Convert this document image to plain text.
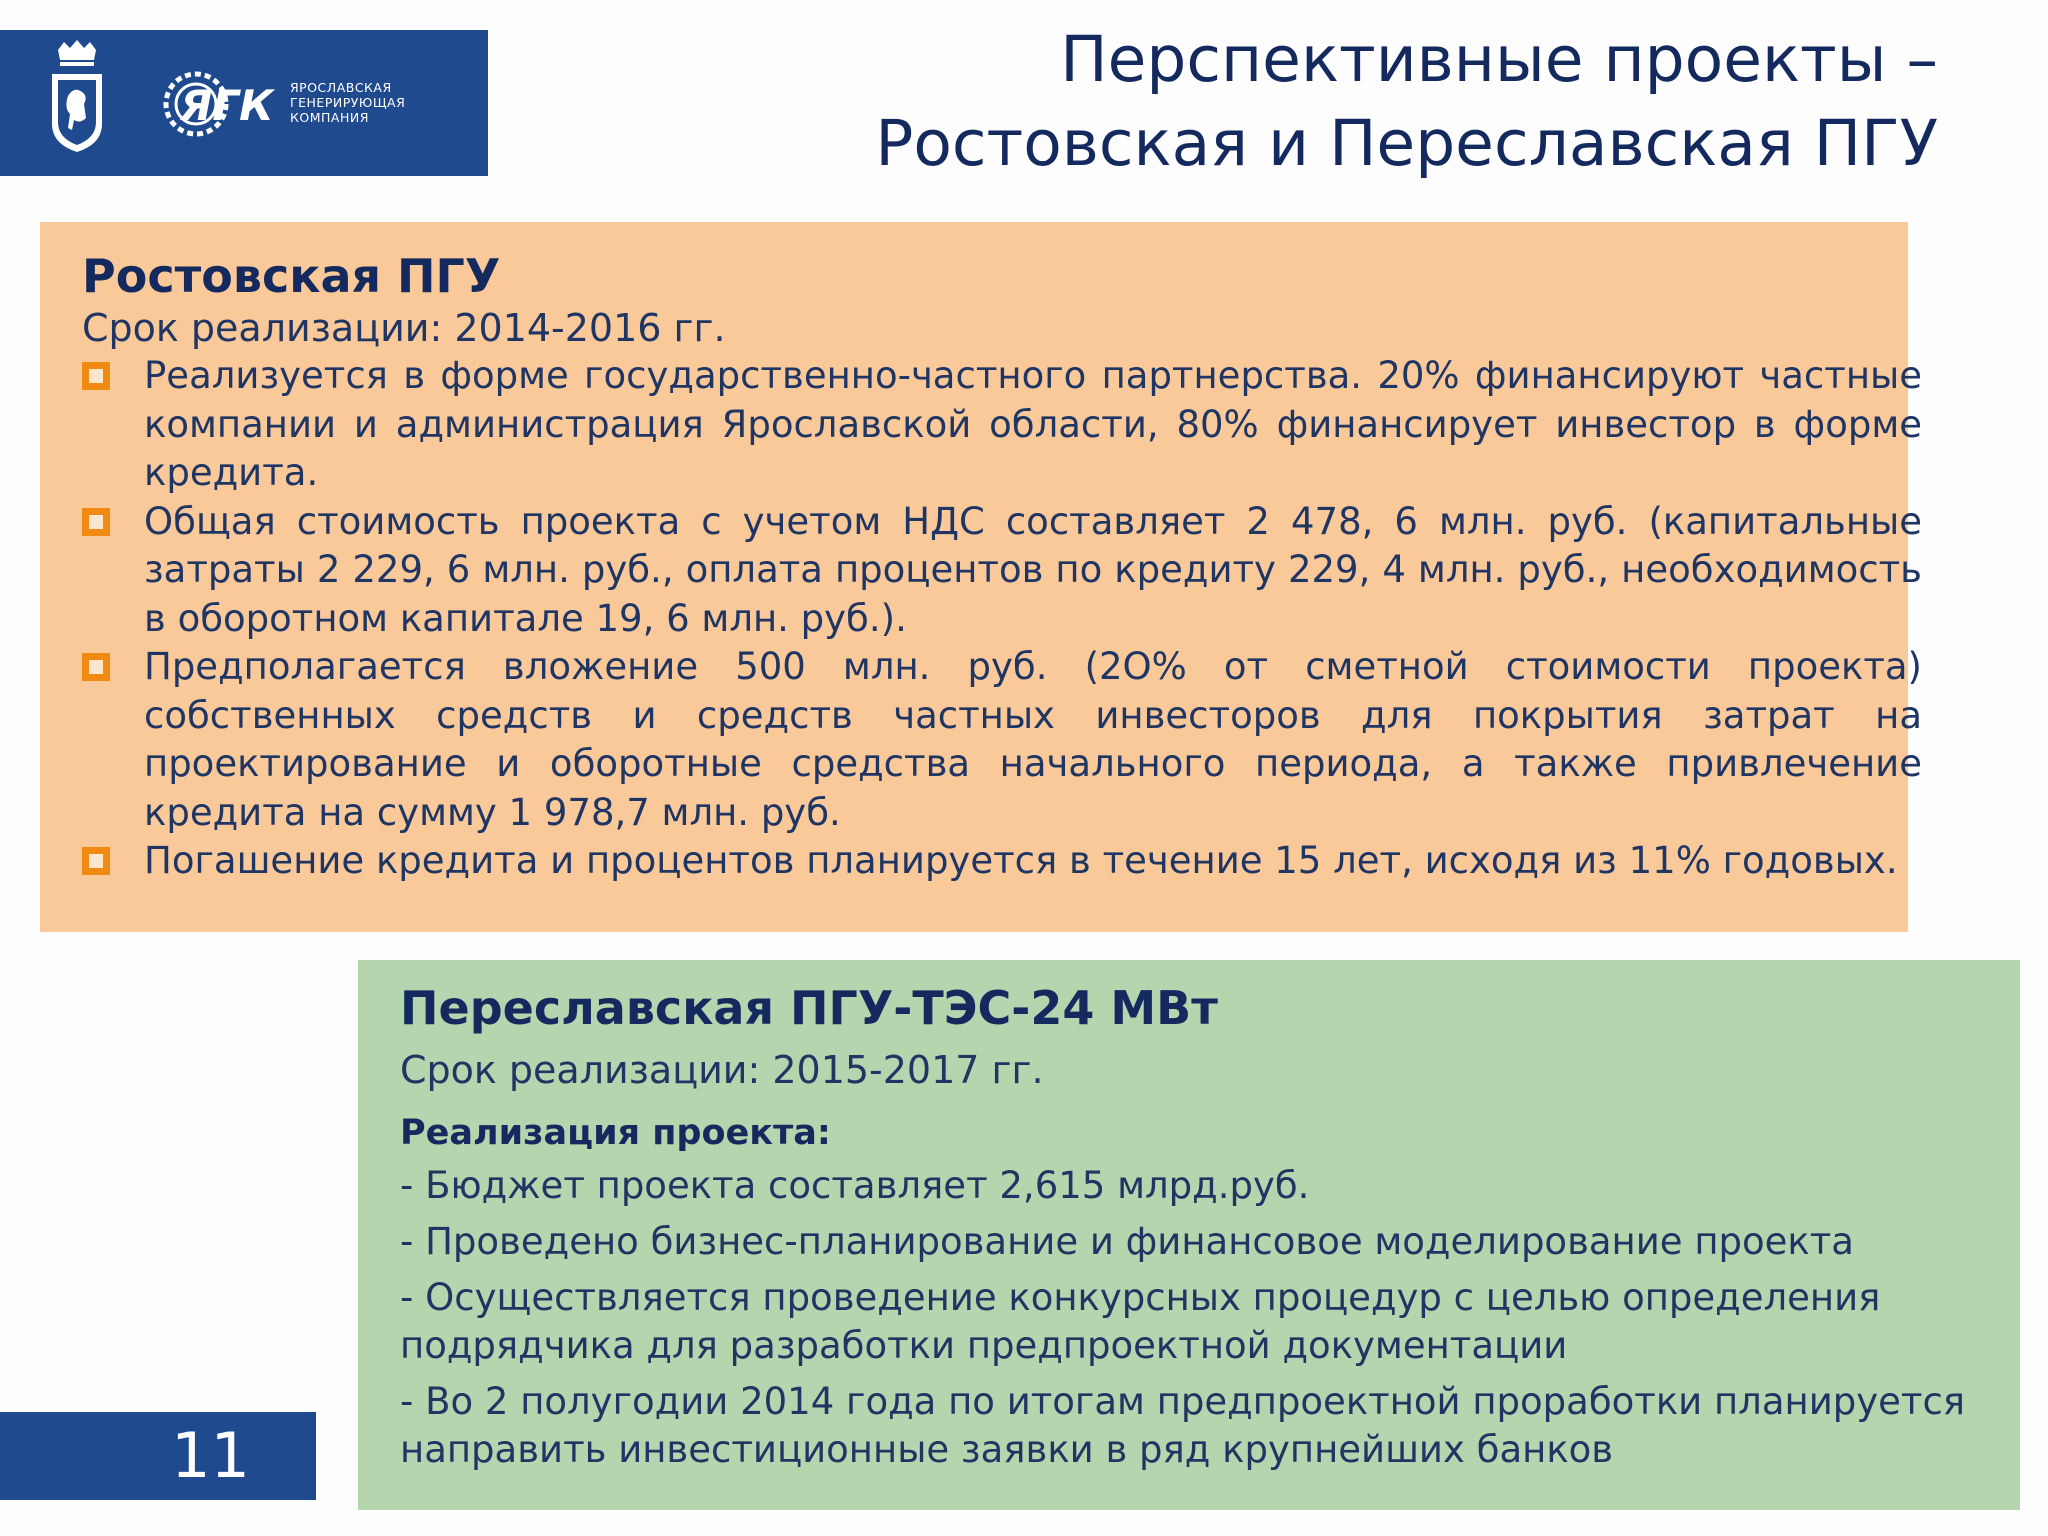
ЯГК ЯРОСЛАВСКАЯ
ГЕНЕРИРУЮЩАЯ
КОМПАНИЯ
Перспективные проекты –
Ростовская и Переславская ПГУ
Ростовская ПГУ
Срок реализации: 2014-2016 гг.
Реализуется в форме государственно-частного партнерства. 20% финансируют частные компании и администрация Ярославской области, 80% финансирует инвестор в форме кредита.
Общая стоимость проекта с учетом НДС составляет 2 478, 6 млн. руб. (капитальные затраты 2 229, 6 млн. руб., оплата процентов по кредиту 229, 4 млн. руб., необходимость в оборотном капитале 19, 6 млн. руб.).
Предполагается вложение 500 млн. руб. (2О% от сметной стоимости проекта) собственных средств и средств частных инвесторов для покрытия затрат на проектирование и оборотные средства начального периода, а также привлечение кредита на сумму 1 978,7 млн. руб.
Погашение кредита и процентов планируется в течение 15 лет, исходя из 11% годовых.
Переславская ПГУ-ТЭС-24 МВт
Срок реализации: 2015-2017 гг.
Реализация проекта:
- Бюджет проекта составляет 2,615 млрд.руб.
- Проведено бизнес-планирование и финансовое моделирование проекта
- Осуществляется проведение конкурсных процедур с целью определения подрядчика для разработки предпроектной документации
- Во 2 полугодии 2014 года по итогам предпроектной проработки планируется направить инвестиционные заявки в ряд крупнейших банков
11
